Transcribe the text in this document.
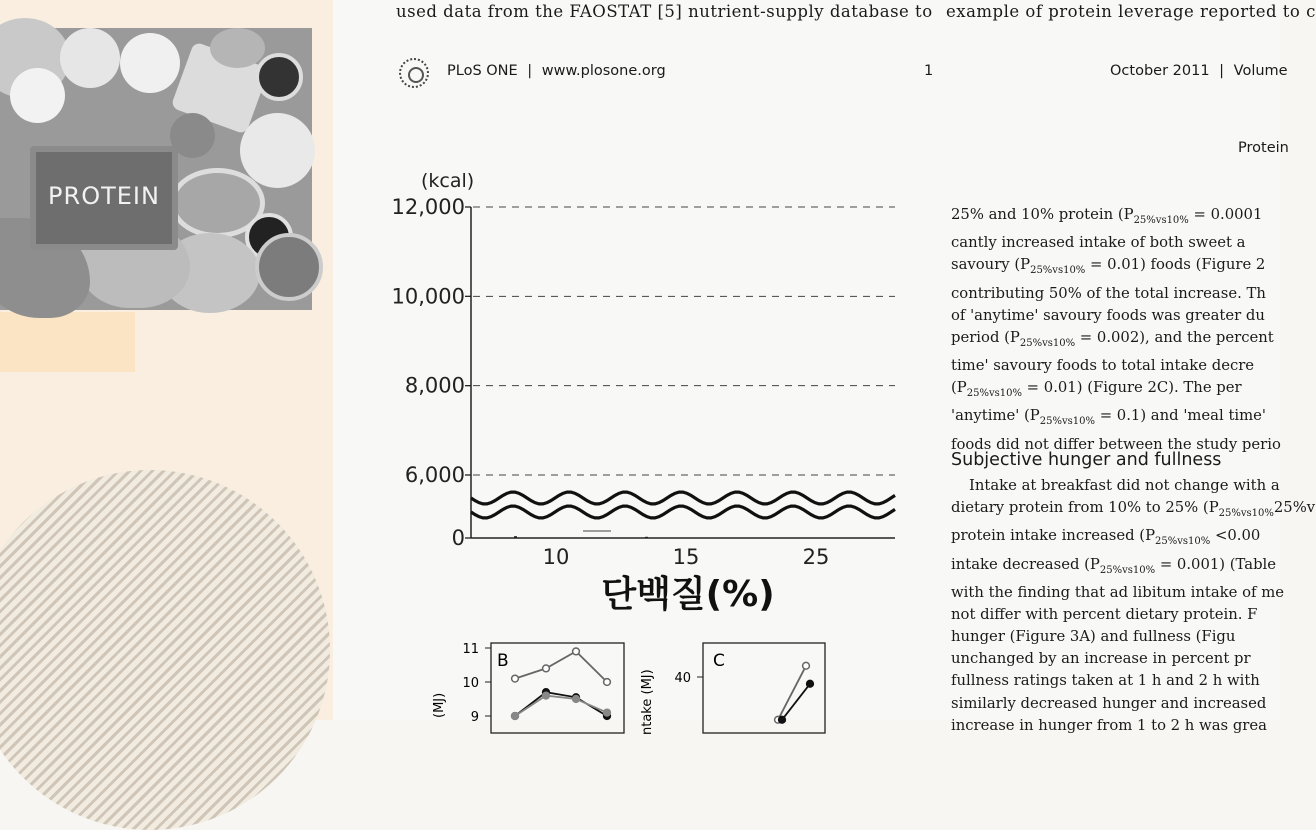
PROTEIN
used data from the FAOSTAT [5] nutrient-supply database to example of protein leverage reported to c
PLoS ONE | www.plosone.org	1	October 2011 | Volume
Protein
(kcal)
0
6,000
8,000
10,000
12,000
10	15	25
단백질(%)
(MJ) 9
10
11
B
ntake (MJ) 40
C

25% and 10% protein ($P_{25\%vs10\%} = 0.0001$

cantly increased intake of both sweet a

savoury $(P_{25\%vs10\%} = 0.01)$ foods (Figure 2

contributing 50% of the total increase. Th

of 'anytime' savoury foods was greater du

period $(P_{25\%vs10\%} = 0.002)$, and the percent

time' savoury foods to total intake decre

$(P_{25\%vs10\%} = 0.01)$ (Figure 2C). The per

'anytime' $(P_{25\%vs10\%} = 0.1)$ and 'meal time'

foods did not differ between the study perio

Subjective hunger and fullness

Intake at breakfast did not change with a

dietary protein from 10% to 25% ($P_{25\%vs10\%}25\%v$

protein intake increased ($P_{25\%vs10\%} <0.00$

intake decreased $(P_{25\%vs10\%} = 0.001)$ (Table

with the finding that ad libitum intake of me

not differ with percent dietary protein. F

hunger (Figure 3A) and fullness (Figu

unchanged by an increase in percent pr

fullness ratings taken at 1 h and 2 h with

similarly decreased hunger and increased

increase in hunger from 1 to 2 h was grea
